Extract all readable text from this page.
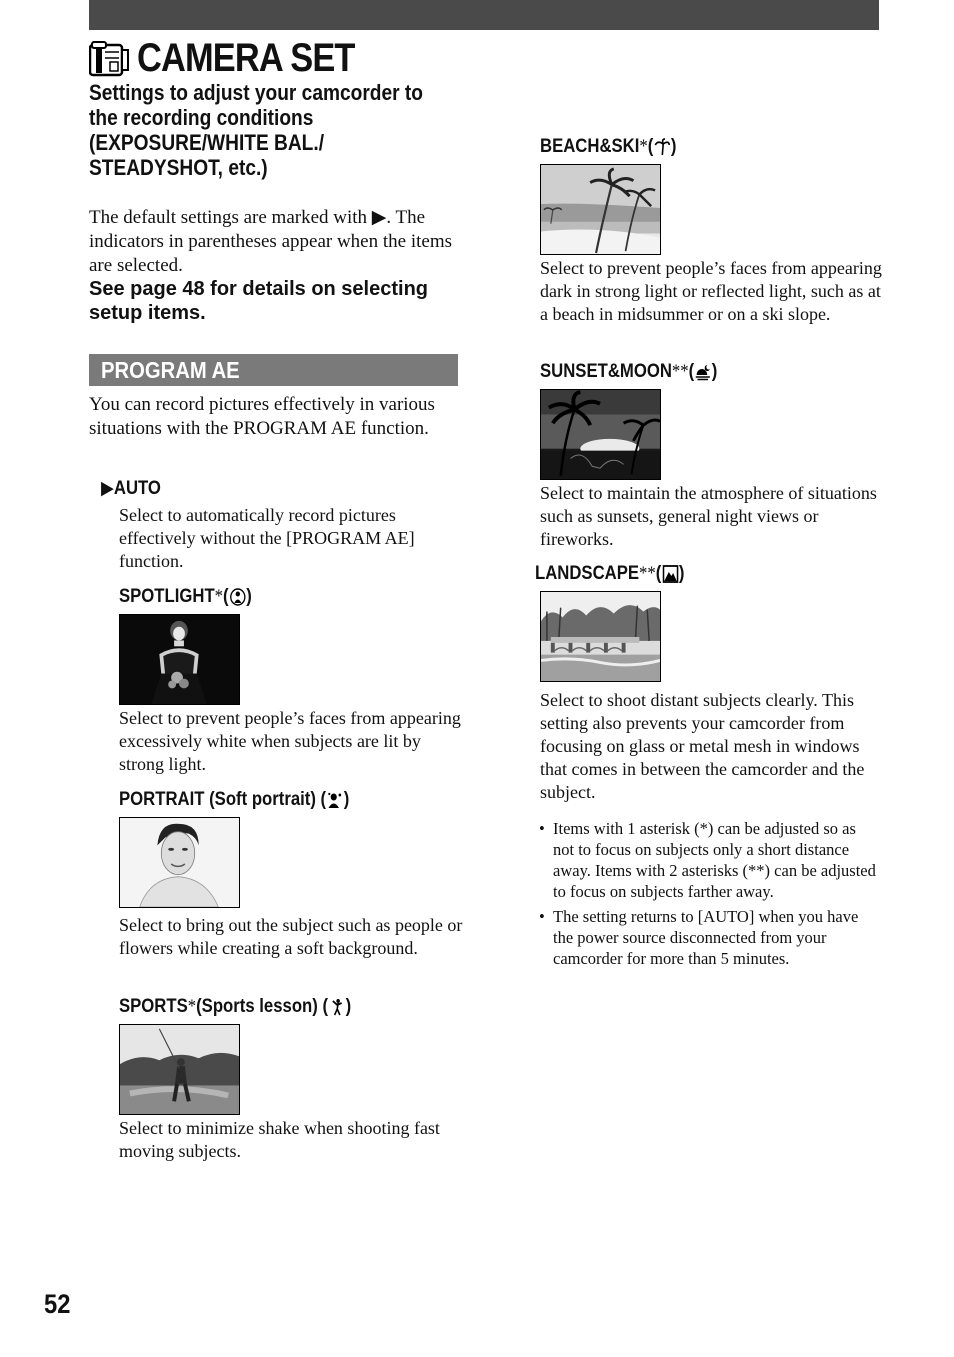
CAMERA SET
Settings to adjust your camcorder to the recording conditions (EXPOSURE/WHITE BAL./ STEADYSHOT, etc.)
The default settings are marked with ▶. The indicators in parentheses appear when the items are selected.
See page 48 for details on selecting setup items.
PROGRAM AE
You can record pictures effectively in various situations with the PROGRAM AE function.
▶ AUTO
Select to automatically record pictures effectively without the [PROGRAM AE] function.
SPOTLIGHT * ( )
Select to prevent people’s faces from appearing excessively white when subjects are lit by strong light.
PORTRAIT (Soft portrait) ( )
Select to bring out the subject such as people or flowers while creating a soft background.
SPORTS * (Sports lesson) ( )
Select to minimize shake when shooting fast moving subjects.
BEACH&SKI * ( )
Select to prevent people’s faces from appearing dark in strong light or reflected light, such as at a beach in midsummer or on a ski slope.
SUNSET&MOON ** ( )
Select to maintain the atmosphere of situations such as sunsets, general night views or fireworks.
LANDSCAPE ** ( )
Select to shoot distant subjects clearly. This setting also prevents your camcorder from focusing on glass or metal mesh in windows that comes in between the camcorder and the subject.
• Items with 1 asterisk (*) can be adjusted so as not to focus on subjects only a short distance away. Items with 2 asterisks (**) can be adjusted to focus on subjects farther away.
• The setting returns to [AUTO] when you have the power source disconnected from your camcorder for more than 5 minutes.
52
